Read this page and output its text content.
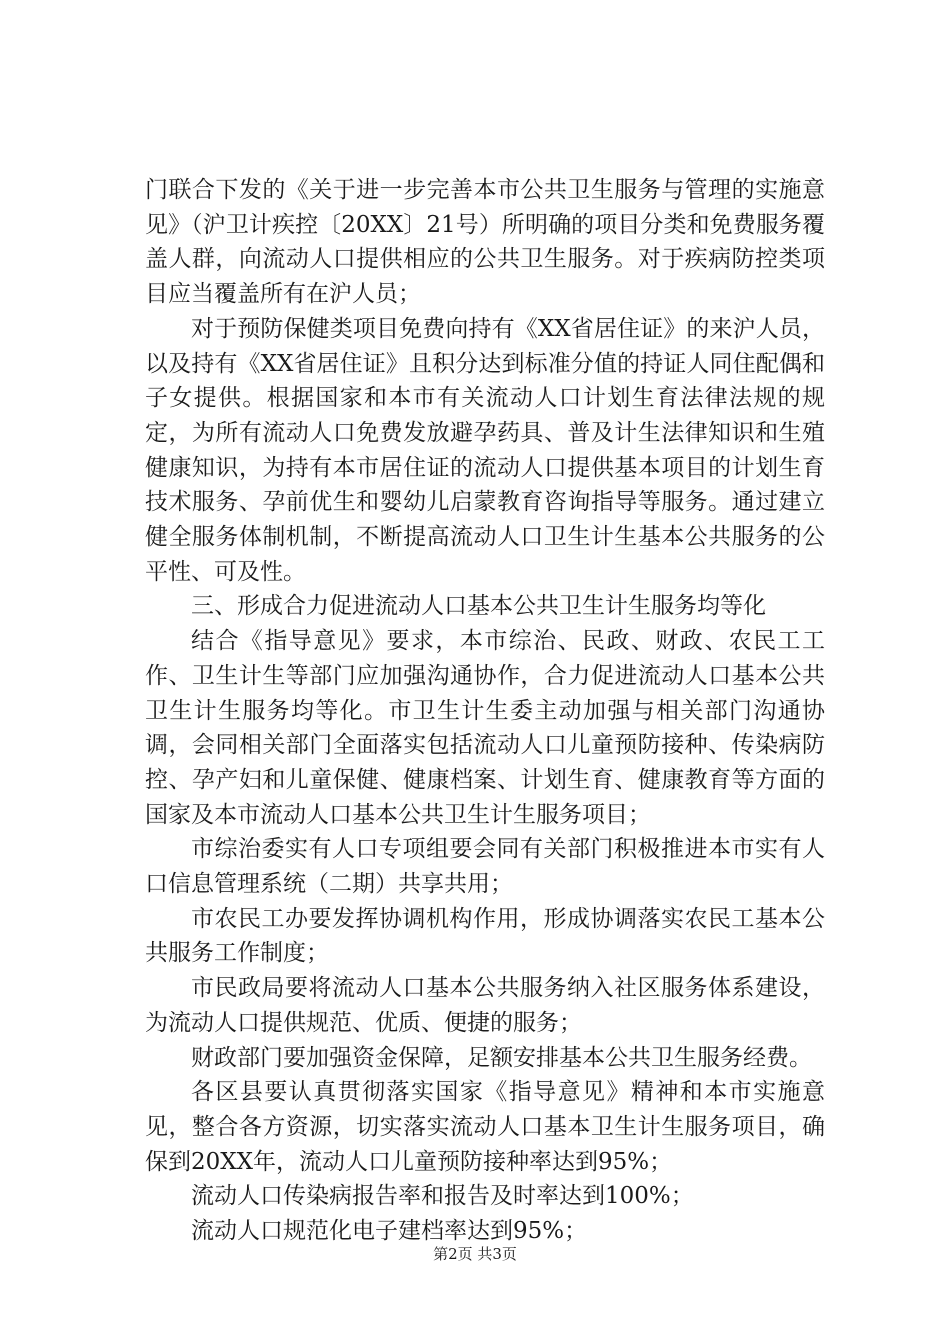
门联合下发的《关于进一步完善本市公共卫生服务与管理的实施意见》（沪卫计疾控〔20XX〕21号）所明确的项目分类和免费服务覆盖人群，向流动人口提供相应的公共卫生服务。对于疾病防控类项目应当覆盖所有在沪人员；

对于预防保健类项目免费向持有《XX省居住证》的来沪人员，以及持有《XX省居住证》且积分达到标准分值的持证人同住配偶和子女提供。根据国家和本市有关流动人口计划生育法律法规的规定，为所有流动人口免费发放避孕药具、普及计生法律知识和生殖健康知识，为持有本市居住证的流动人口提供基本项目的计划生育技术服务、孕前优生和婴幼儿启蒙教育咨询指导等服务。通过建立健全服务体制机制，不断提高流动人口卫生计生基本公共服务的公平性、可及性。

三、形成合力促进流动人口基本公共卫生计生服务均等化

结合《指导意见》要求，本市综治、民政、财政、农民工工作、卫生计生等部门应加强沟通协作，合力促进流动人口基本公共卫生计生服务均等化。市卫生计生委主动加强与相关部门沟通协调，会同相关部门全面落实包括流动人口儿童预防接种、传染病防控、孕产妇和儿童保健、健康档案、计划生育、健康教育等方面的国家及本市流动人口基本公共卫生计生服务项目；

市综治委实有人口专项组要会同有关部门积极推进本市实有人口信息管理系统（二期）共享共用；

市农民工办要发挥协调机构作用，形成协调落实农民工基本公共服务工作制度；

市民政局要将流动人口基本公共服务纳入社区服务体系建设，为流动人口提供规范、优质、便捷的服务；

财政部门要加强资金保障，足额安排基本公共卫生服务经费。

各区县要认真贯彻落实国家《指导意见》精神和本市实施意见，整合各方资源，切实落实流动人口基本卫生计生服务项目，确保到20XX年，流动人口儿童预防接种率达到95%；

流动人口传染病报告率和报告及时率达到100%；

流动人口规范化电子建档率达到95%；

第2页 共3页
